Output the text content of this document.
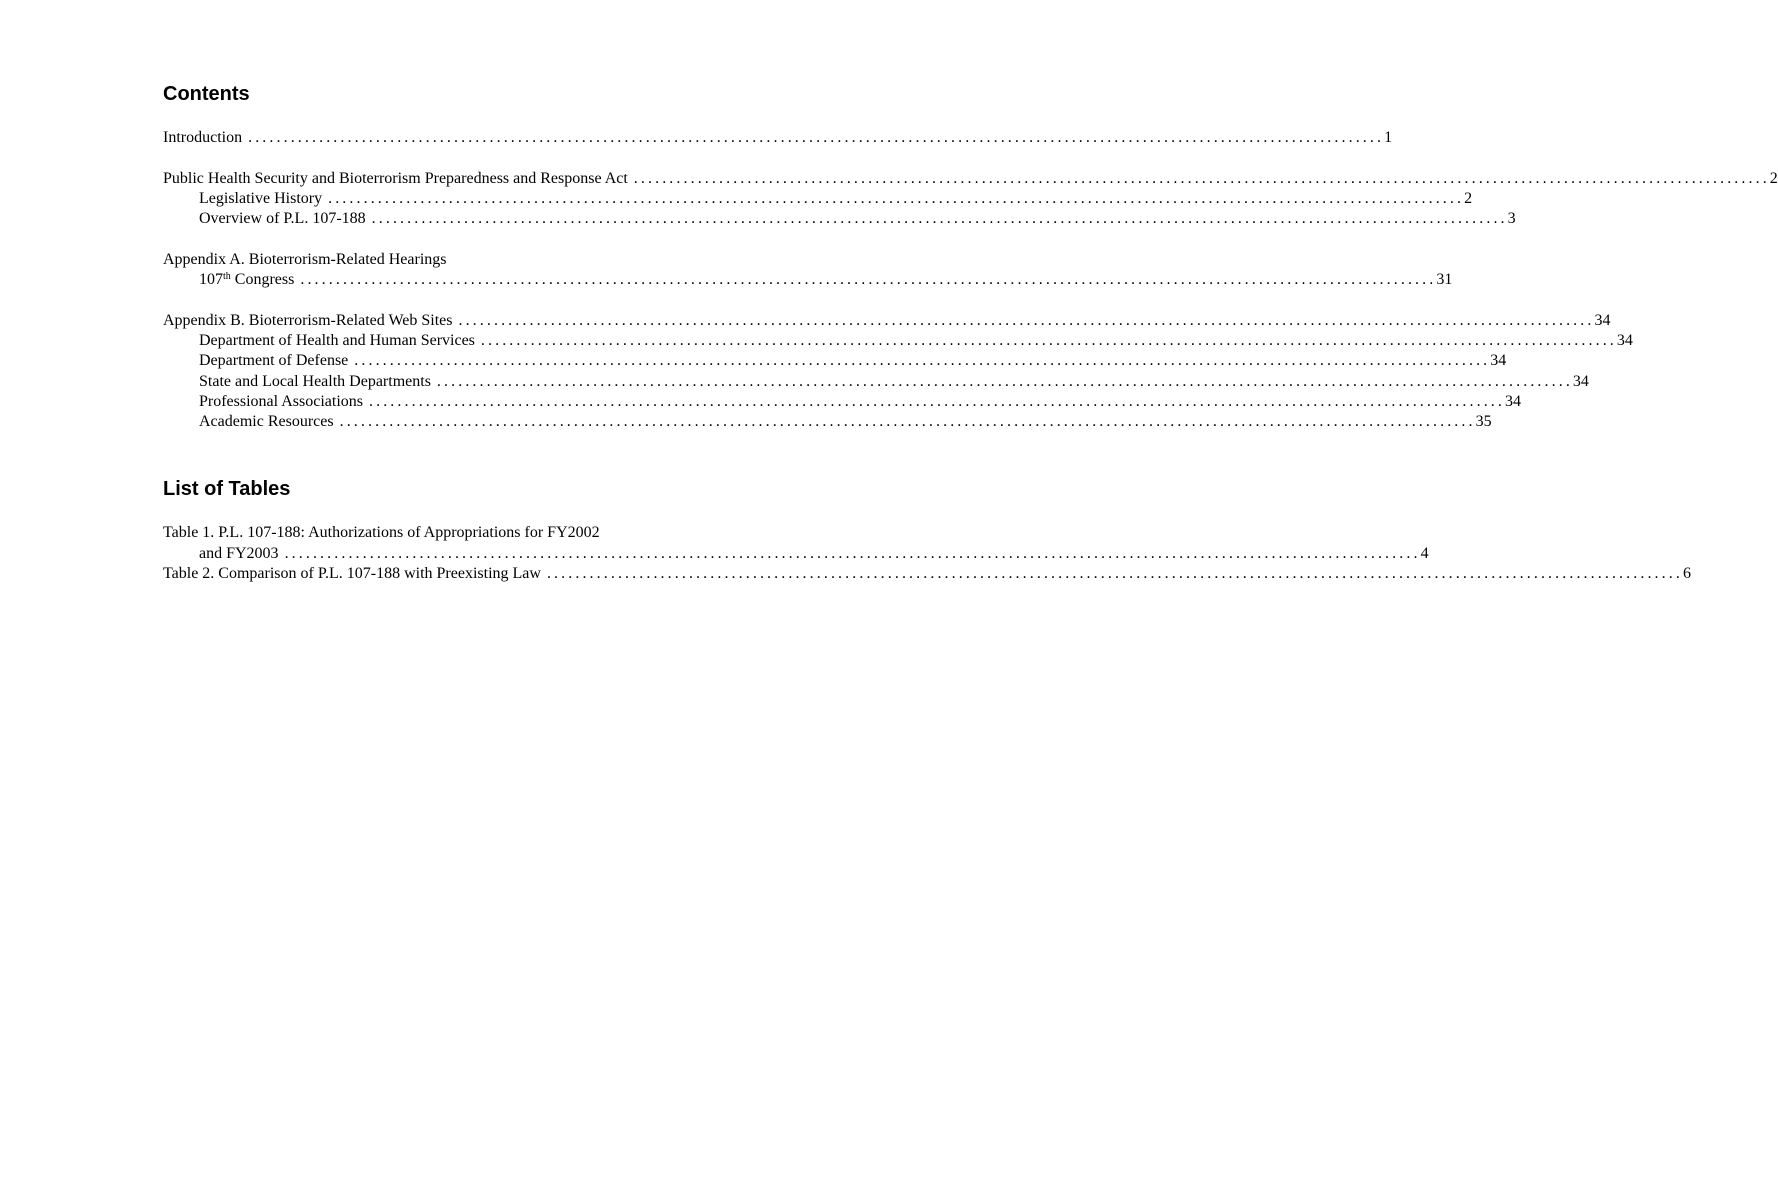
Contents
Introduction ................................................................................................................................................................ 1
Public Health Security and Bioterrorism Preparedness and Response Act ................................................................................................................................................................ 2
Legislative History ................................................................................................................................................................ 2
Overview of P.L. 107-188 ................................................................................................................................................................ 3
Appendix A. Bioterrorism-Related Hearings
107th Congress ................................................................................................................................................................ 31
Appendix B. Bioterrorism-Related Web Sites ................................................................................................................................................................ 34
Department of Health and Human Services ................................................................................................................................................................ 34
Department of Defense ................................................................................................................................................................ 34
State and Local Health Departments ................................................................................................................................................................ 34
Professional Associations ................................................................................................................................................................ 34
Academic Resources ................................................................................................................................................................ 35
List of Tables
Table 1. P.L. 107-188: Authorizations of Appropriations for FY2002
and FY2003 ................................................................................................................................................................ 4
Table 2. Comparison of P.L. 107-188 with Preexisting Law ................................................................................................................................................................ 6
